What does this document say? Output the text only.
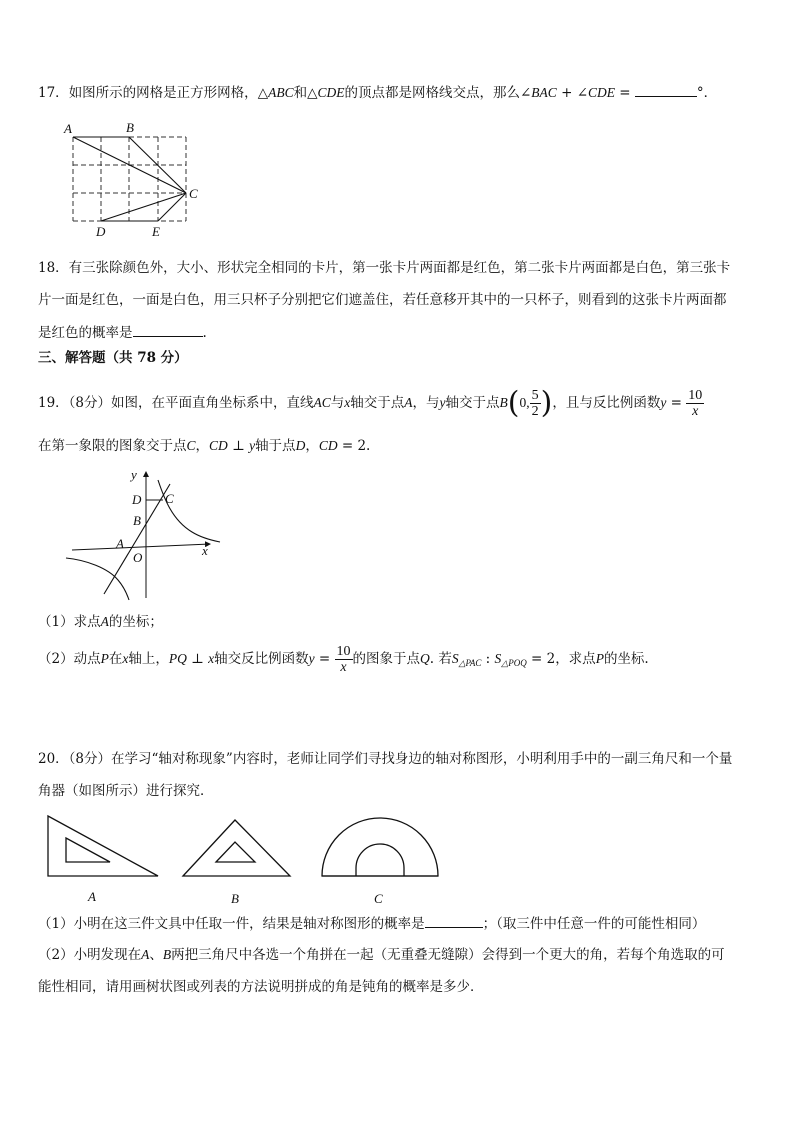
17．如图所示的网格是正方形网格，△ABC和△CDE的顶点都是网格线交点，那么∠BAC + ∠CDE =	°．
A	B
C
D	E
18．有三张除颜色外，大小、形状完全相同的卡片，第一张卡片两面都是红色，第二张卡片两面都是白色，第三张卡
片一面是红色，一面是白色，用三只杯子分别把它们遮盖住，若任意移开其中的一只杯子，则看到的这张卡片两面都
是红色的概率是	.
三、解答题（共 78 分）
19．（8分）如图，在平面直角坐标系中，直线AC与x轴交于点A，与y轴交于点B(0, $\frac{5}{2}$ )，且与反比例函数$y = \frac{10}{x}$
在第一象限的图象交于点C，CD ⊥ y轴于点D，CD = 2.
y
x
D C
B
A
O
（1）求点A的坐标；
（2）动点P在x轴上，PQ ⊥ x轴交反比例函数$y = \frac{10}{x}$ 的图象于点Q. 若$S_{\triangle PAC}$ : $S_{\triangle POQ} = 2$，求点P的坐标.
20．（8分）在学习“轴对称现象”内容时，老师让同学们寻找身边的轴对称图形，小明利用手中的一副三角尺和一个量
角器（如图所示）进行探究．
A	B	C
（1）小明在这三件文具中任取一件，结果是轴对称图形的概率是	；（取三件中任意一件的可能性相同）
（2）小明发现在A、B两把三角尺中各选一个角拼在一起（无重叠无缝隙）会得到一个更大的角，若每个角选取的可
能性相同，请用画树状图或列表的方法说明拼成的角是钝角的概率是多少．
